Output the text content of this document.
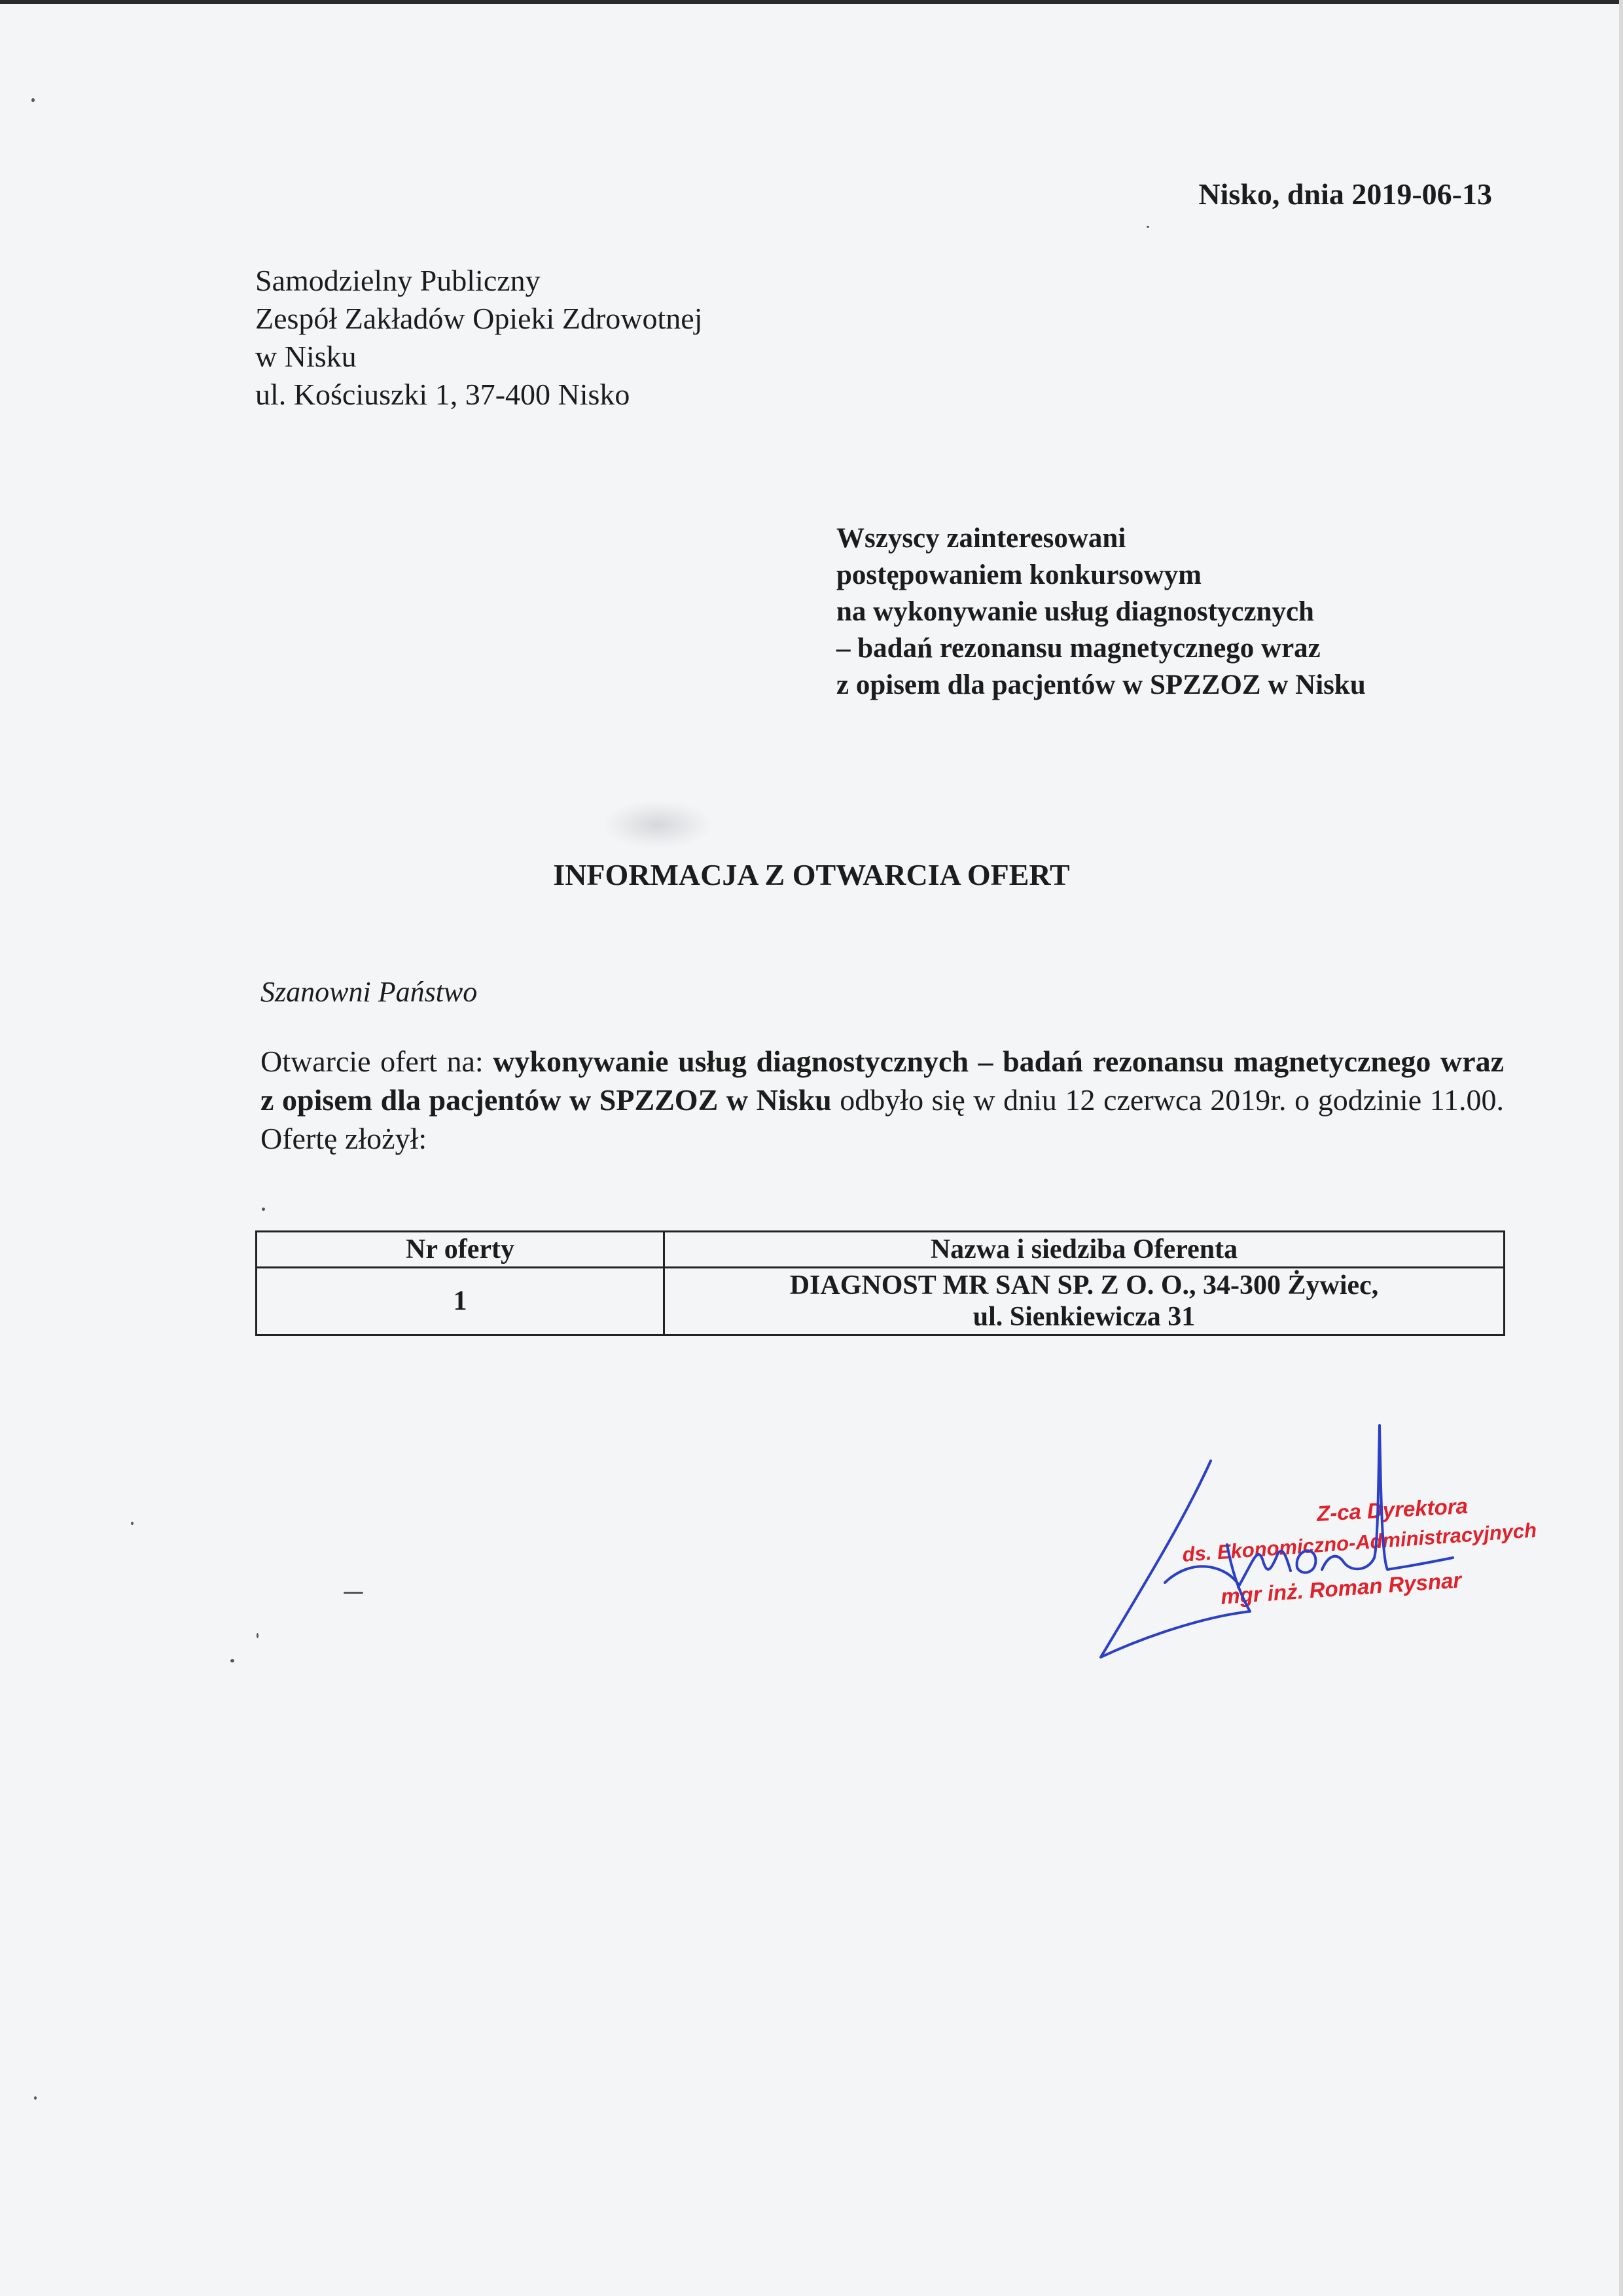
Nisko, dnia 2019-06-13
Samodzielny Publiczny
Zespół Zakładów Opieki Zdrowotnej
w Nisku
ul. Kościuszki 1, 37-400 Nisko
Wszyscy zainteresowani
postępowaniem konkursowym
na wykonywanie usług diagnostycznych
– badań rezonansu magnetycznego wraz
z opisem dla pacjentów w SPZZOZ w Nisku
INFORMACJA Z OTWARCIA OFERT
Szanowni Państwo
Otwarcie ofert na: wykonywanie usług diagnostycznych – badań rezonansu magnetycznego wraz z opisem dla pacjentów w SPZZOZ w Nisku odbyło się w dniu 12 czerwca 2019r. o godzinie 11.00. Ofertę złożył:
Nr oferty	Nazwa i siedziba Oferenta
1	DIAGNOST MR SAN SP. Z O. O., 34-300 Żywiec,
ul. Sienkiewicza 31
Z-ca Dyrektora
ds. Ekonomiczno-Administracyjnych
mgr inż. Roman Rysnar
